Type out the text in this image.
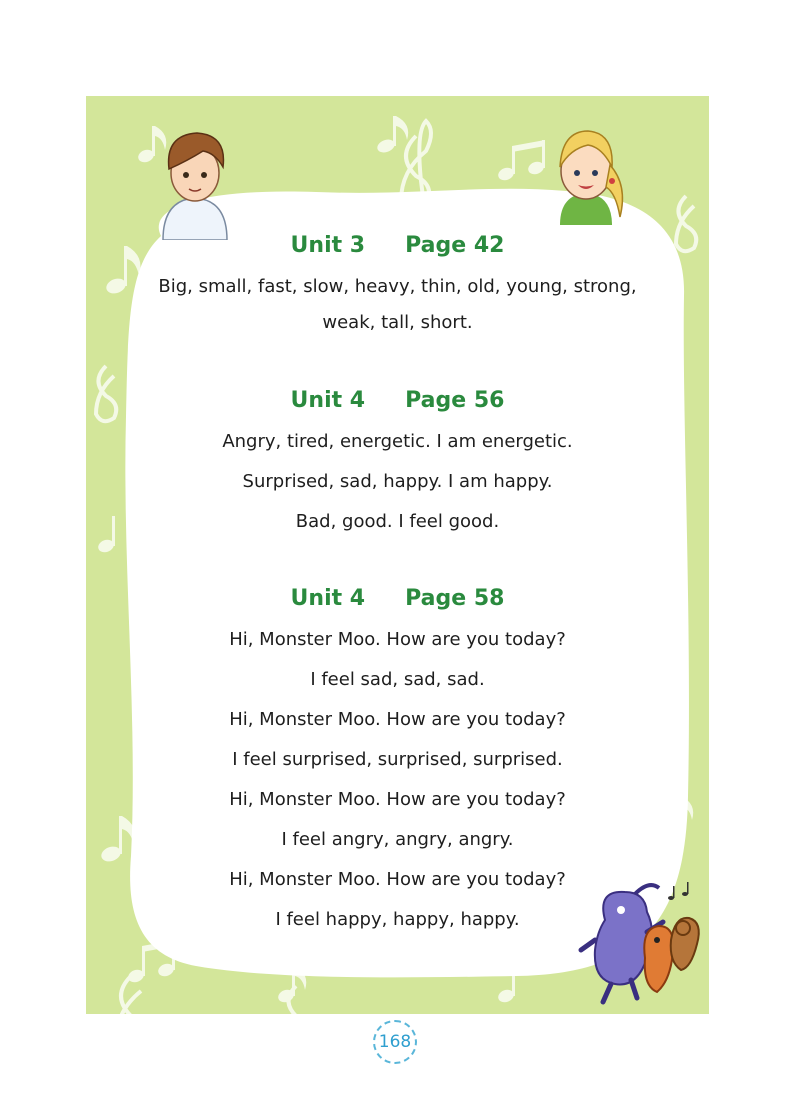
Unit 3 Page 42
Big, small, fast, slow, heavy, thin, old, young, strong,
weak, tall, short.
Unit 4 Page 56
Angry, tired, energetic. I am energetic.
Surprised, sad, happy. I am happy.
Bad, good. I feel good.
Unit 4 Page 58
Hi, Monster Moo. How are you today?
I feel sad, sad, sad.
Hi, Monster Moo. How are you today?
I feel surprised, surprised, surprised.
Hi, Monster Moo. How are you today?
I feel angry, angry, angry.
Hi, Monster Moo. How are you today?
I feel happy, happy, happy.
168
